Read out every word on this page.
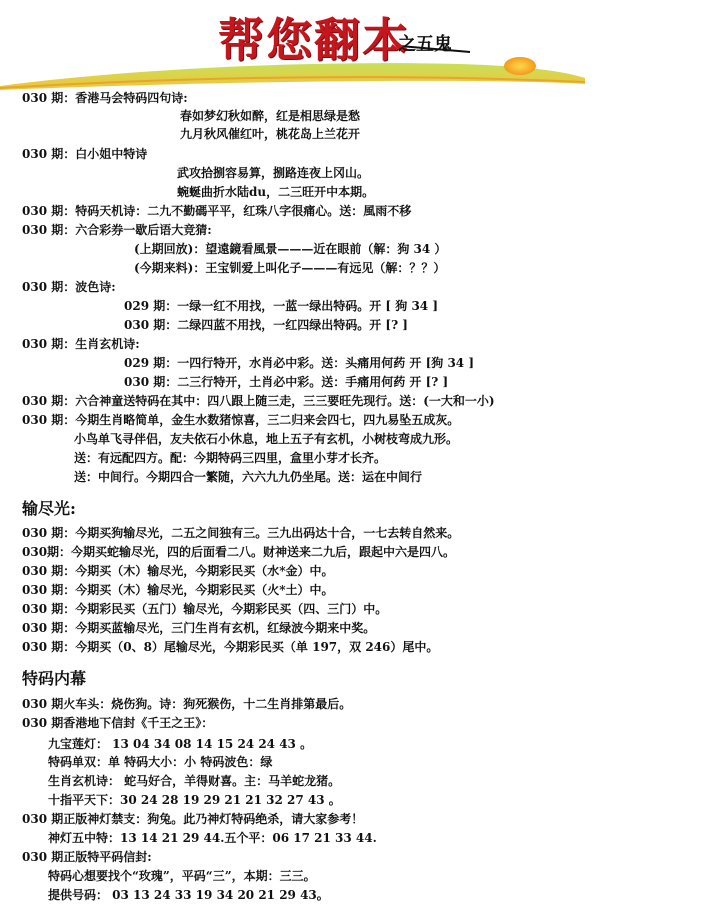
帮您翻本
之五鬼
030 期：香港马会特码四句诗:
春如梦幻秋如醉，红是相思绿是愁
九月秋风催红叶，桃花岛上兰花开
030 期：白小姐中特诗
武攻拾捌容易算，捌路连夜上冈山。
蜿蜒曲折水陆du，二三旺开中本期。
030 期：特码天机诗：二九不勤碼平平，红珠八字很痛心。送：風雨不移
030 期：六合彩券一歇后语大竞猜:
(上期回放)：望遠鏡看風景———近在眼前（解：狗 34 ）
(今期来料)：王宝钏爱上叫化子———有远见（解：？？）
030 期：波色诗:
029 期：一绿一红不用找，一蓝一绿出特码。开 [ 狗 34 ]
030 期：二绿四蓝不用找，一红四绿出特码。开 [? ]
030 期：生肖玄机诗:
029 期：一四行特开，水肖必中彩。送：头痛用何药 开 [狗 34 ]
030 期：二三行特开，土肖必中彩。送：手痛用何药 开 [? ]
030 期：六合神童送特码在其中：四八跟上随三走，三三要旺先现行。送：(一大和一小)
030 期：今期生肖略简单，金生水数猪惊喜，三二归来会四七，四九易坠五成灰。
小鸟单飞寻伴侣，友夫依石小休息，地上五子有玄机，小树枝弯成九形。
送：有远配四方。配：今期特码三四里，盒里小芽才长齐。
送：中间行。今期四合一繁随，六六九九仍坐尾。送：运在中间行
输尽光:
030 期：今期买狗输尽光，二五之间独有三。三九出码达十合，一七去转自然来。
030期：今期买蛇输尽光，四的后面看二八。财神送来二九后，跟起中六是四八。
030 期：今期买（木）输尽光，今期彩民买（水*金）中。
030 期：今期买（木）输尽光，今期彩民买（火*土）中。
030 期：今期彩民买（五门）输尽光，今期彩民买（四、三门）中。
030 期：今期买蓝输尽光，三门生肖有玄机，红绿波今期来中奖。
030 期：今期买（0、8）尾输尽光，今期彩民买（单 197，双 246）尾中。
特码内幕
030 期火车头：烧伤狗。诗：狗死猴伤，十二生肖排第最后。
030 期香港地下信封《千王之王》：
九宝莲灯： 13 04 34 08 14 15 24 24 43 。
特码单双：单 特码大小：小 特码波色：绿
生肖玄机诗： 蛇马好合，羊得财喜。主：马羊蛇龙猪。
十指平天下：30 24 28 19 29 21 21 32 27 43 。
030 期正版神灯禁支：狗兔。此乃神灯特码绝杀，请大家参考！
神灯五中特：13 14 21 29 44.五个平：06 17 21 33 44.
030 期正版特平码信封:
特码心想要找个“玫瑰”，平码“三”，本期：三三。
提供号码： 03 13 24 33 19 34 20 21 29 43。
